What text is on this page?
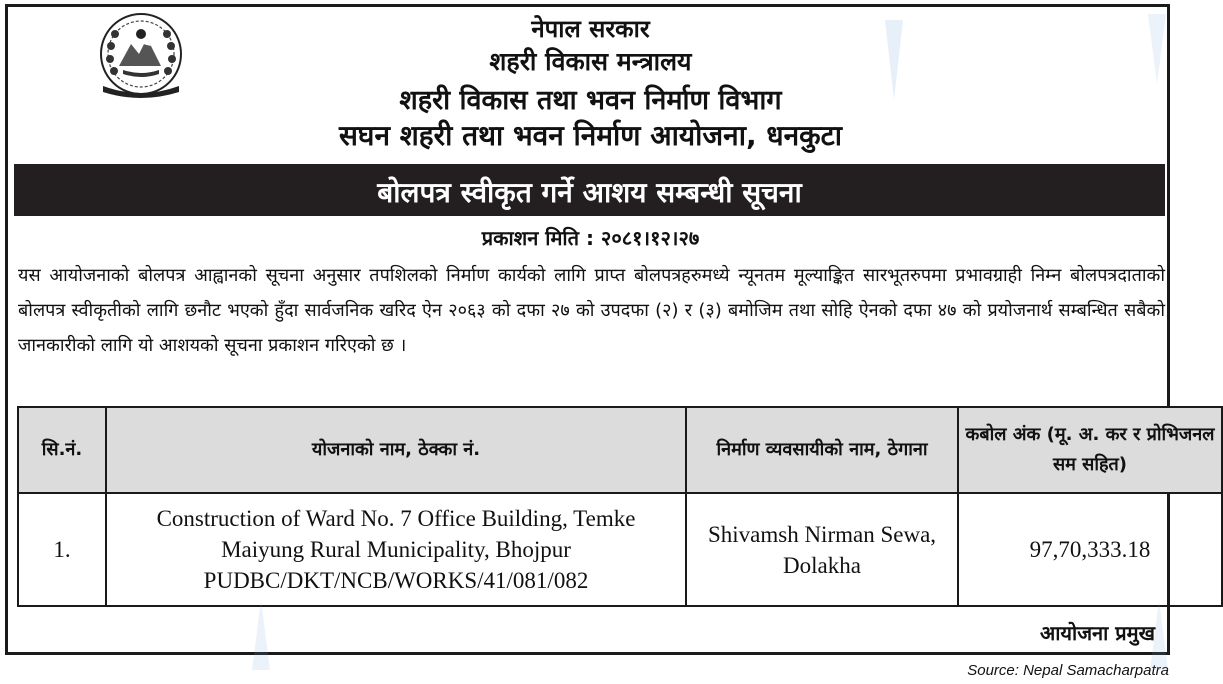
नेपाल सरकार
शहरी विकास मन्त्रालय
शहरी विकास तथा भवन निर्माण विभाग
सघन शहरी तथा भवन निर्माण आयोजना, धनकुटा
बोलपत्र स्वीकृत गर्ने आशय सम्बन्धी सूचना
प्रकाशन मिति : २०८१।१२।२७
यस आयोजनाको बोलपत्र आह्वानको सूचना अनुसार तपशिलको निर्माण कार्यको लागि प्राप्त बोलपत्रहरुमध्ये न्यूनतम मूल्याङ्कित सारभूतरुपमा प्रभावग्राही निम्न बोलपत्रदाताको बोलपत्र स्वीकृतीको लागि छनौट भएको हुँदा सार्वजनिक खरिद ऐन २०६३ को दफा २७ को उपदफा (२) र (३) बमोजिम तथा सोहि ऐनको दफा ४७ को प्रयोजनार्थ सम्बन्धित सबैको जानकारीको लागि यो आशयको सूचना प्रकाशन गरिएको छ ।
सि.नं.	योजनाको नाम, ठेक्का नं.	निर्माण व्यवसायीको नाम, ठेगाना	कबोल अंक (मू. अ. कर र प्रोभिजनल सम सहित)
1.	Construction of Ward No. 7 Office Building, Temke Maiyung Rural Municipality, Bhojpur PUDBC/DKT/NCB/WORKS/41/081/082	Shivamsh Nirman Sewa, Dolakha	97,70,333.18
आयोजना प्रमुख
Source: Nepal Samacharpatra
